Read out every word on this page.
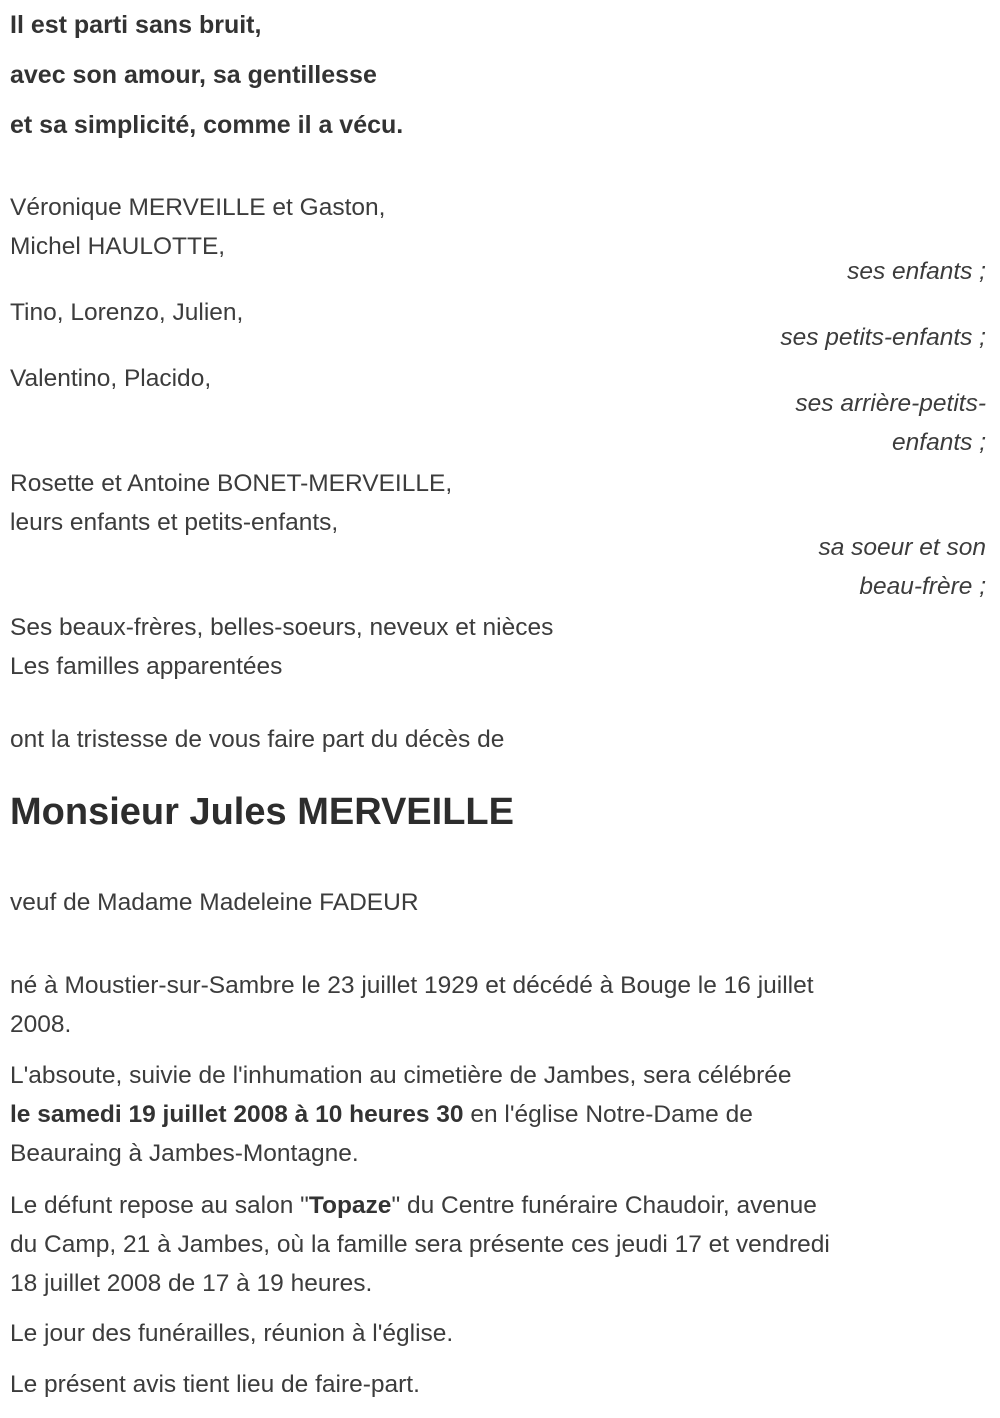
Il est parti sans bruit,

avec son amour, sa gentillesse

et sa simplicité, comme il a vécu.

Véronique MERVEILLE et Gaston,

Michel HAULOTTE,

ses enfants ;

Tino, Lorenzo, Julien,

ses petits-enfants ;

Valentino, Placido,

ses arrière-petits-

enfants ;

Rosette et Antoine BONET-MERVEILLE,

leurs enfants et petits-enfants,

sa soeur et son

beau-frère ;

Ses beaux-frères, belles-soeurs, neveux et nièces

Les familles apparentées

ont la tristesse de vous faire part du décès de

Monsieur Jules MERVEILLE

veuf de Madame Madeleine FADEUR

né à Moustier-sur-Sambre le 23 juillet 1929 et décédé à Bouge le 16 juillet

2008.

L'absoute, suivie de l'inhumation au cimetière de Jambes, sera célébrée

le samedi 19 juillet 2008 à 10 heures 30 en l'église Notre-Dame de

Beauraing à Jambes-Montagne.

Le défunt repose au salon "Topaze" du Centre funéraire Chaudoir, avenue

du Camp, 21 à Jambes, où la famille sera présente ces jeudi 17 et vendredi

18 juillet 2008 de 17 à 19 heures.

Le jour des funérailles, réunion à l'église.

Le présent avis tient lieu de faire-part.
